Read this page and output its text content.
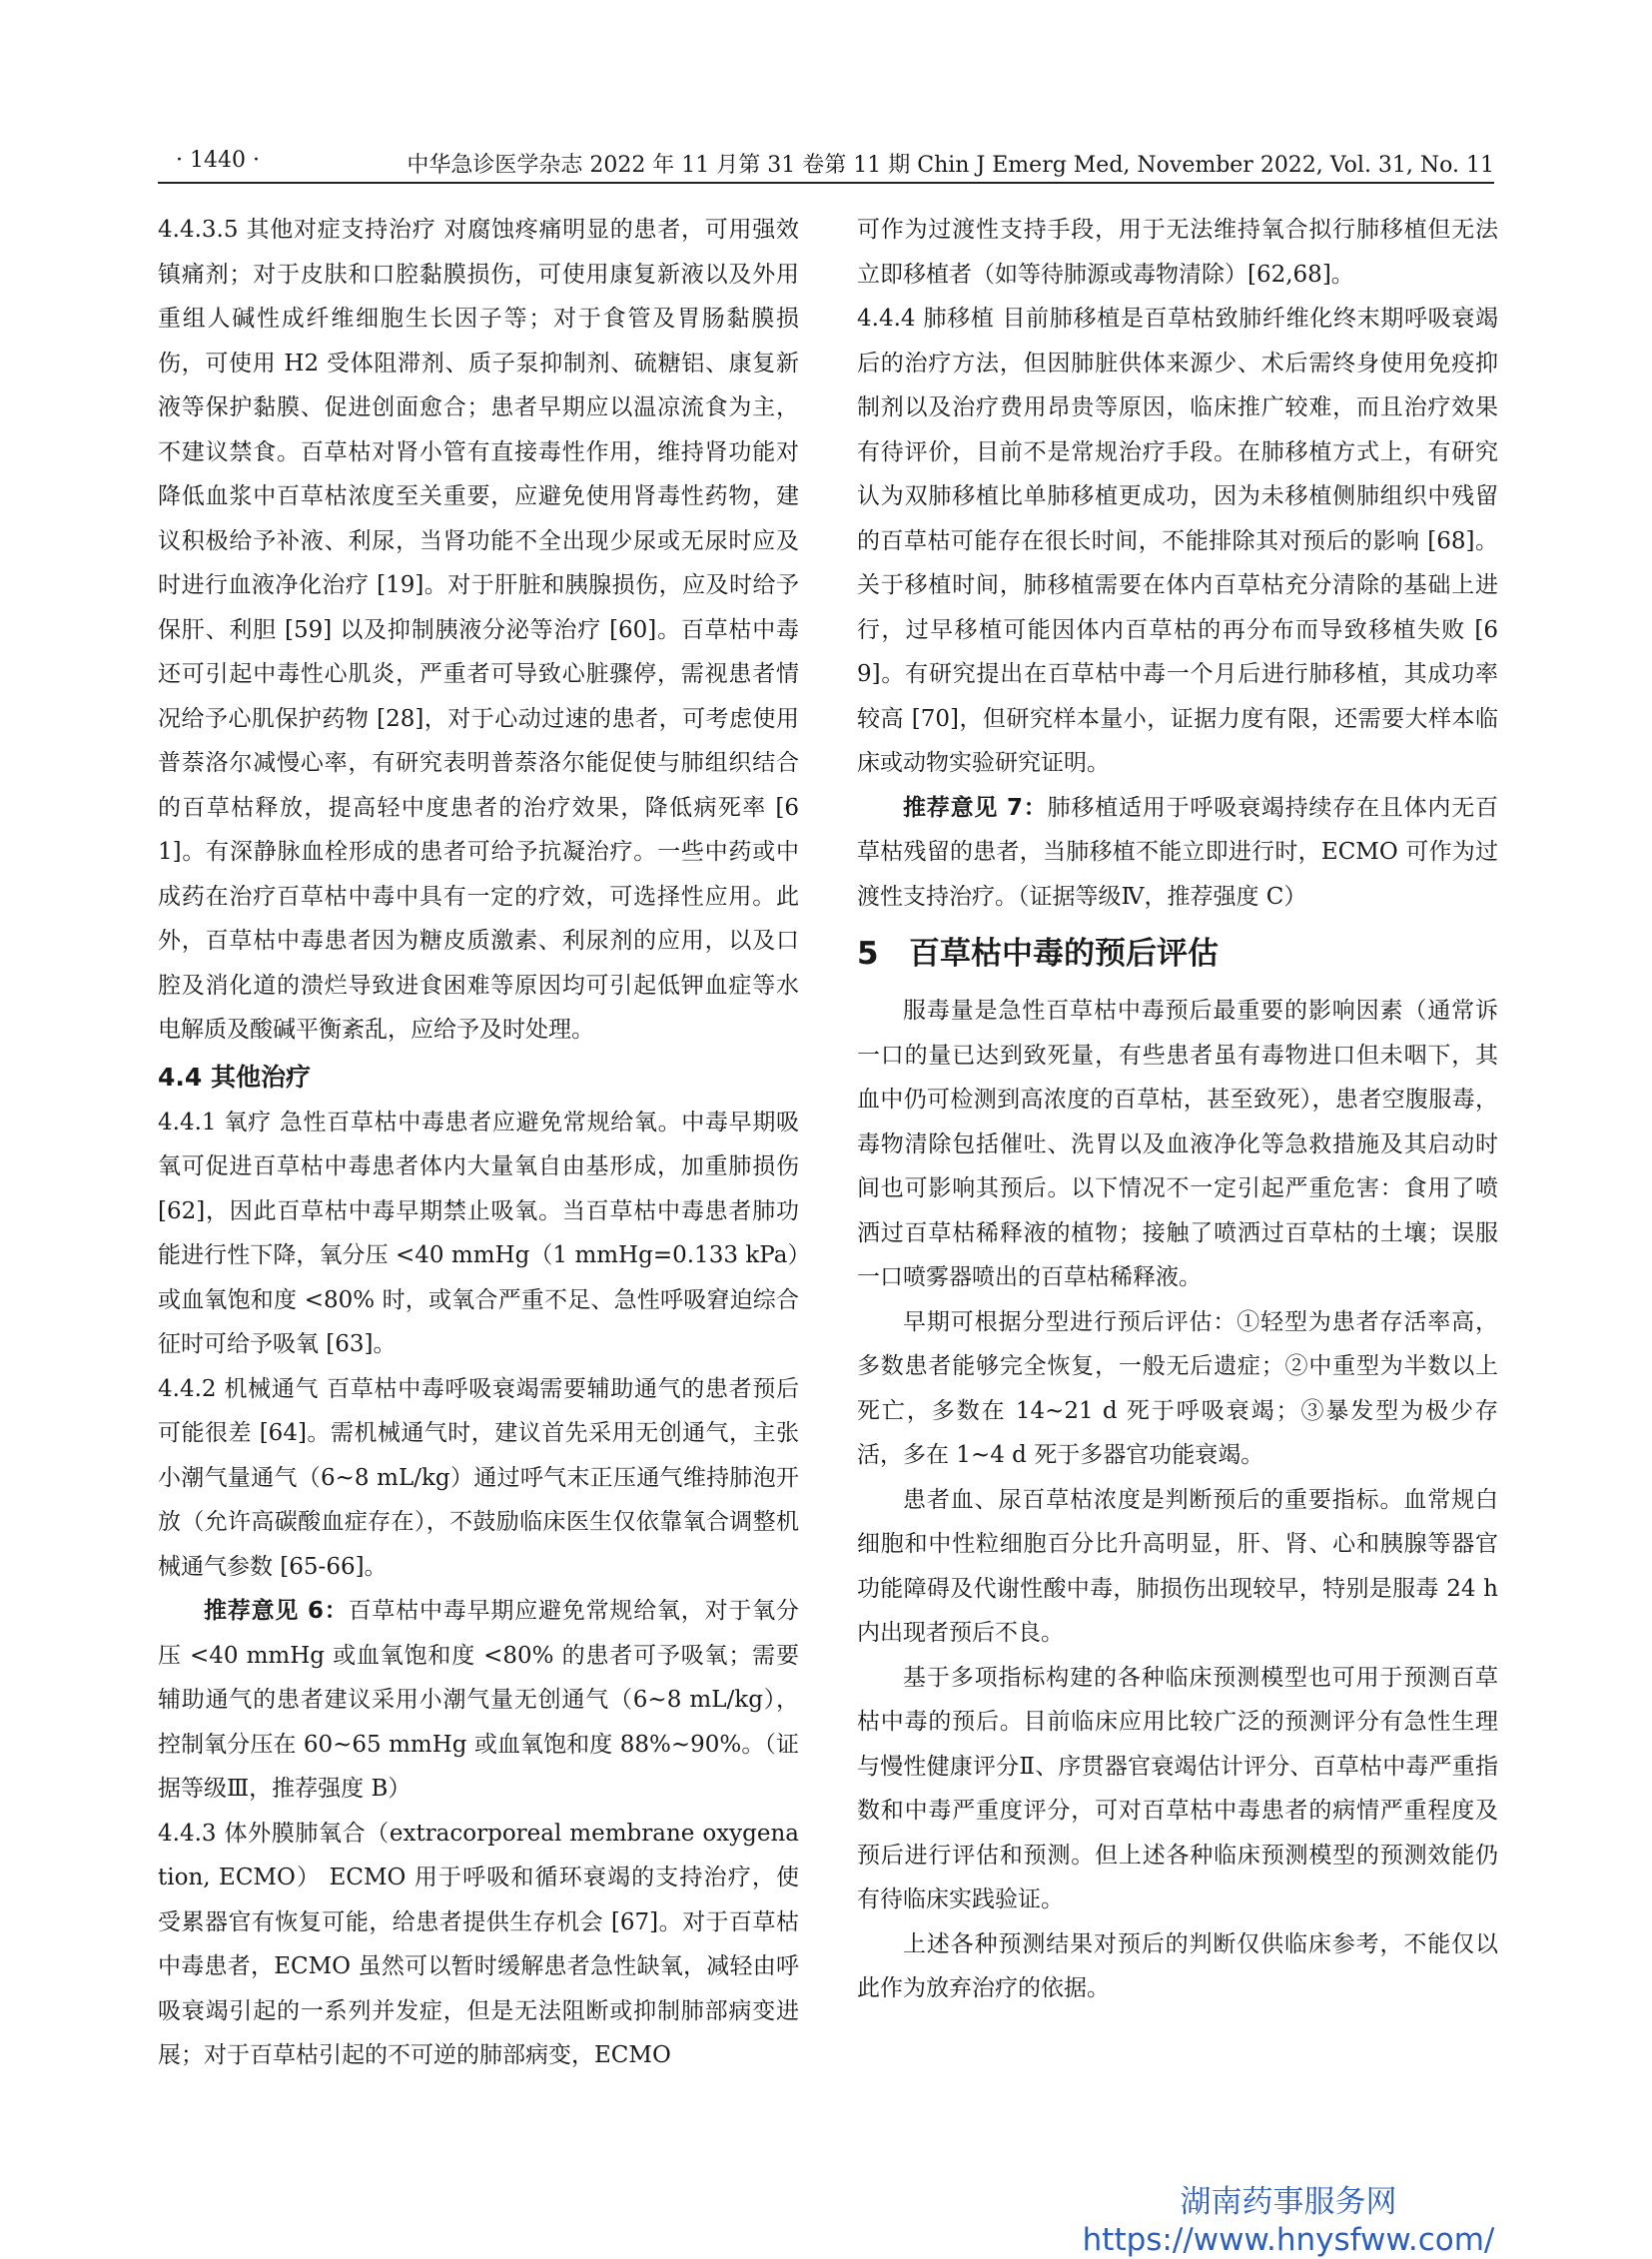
· 1440 ·	中华急诊医学杂志 2022 年 11 月第 31 卷第 11 期 Chin J Emerg Med, November 2022, Vol. 31, No. 11

4.4.3.5 其他对症支持治疗 对腐蚀疼痛明显的患者，可用强效镇痛剂；对于皮肤和口腔黏膜损伤，可使用康复新液以及外用重组人碱性成纤维细胞生长因子等；对于食管及胃肠黏膜损伤，可使用 H2 受体阻滞剂、质子泵抑制剂、硫糖铝、康复新液等保护黏膜、促进创面愈合；患者早期应以温凉流食为主，不建议禁食。百草枯对肾小管有直接毒性作用，维持肾功能对降低血浆中百草枯浓度至关重要，应避免使用肾毒性药物，建议积极给予补液、利尿，当肾功能不全出现少尿或无尿时应及时进行血液净化治疗 [19]。对于肝脏和胰腺损伤，应及时给予保肝、利胆 [59] 以及抑制胰液分泌等治疗 [60]。百草枯中毒还可引起中毒性心肌炎，严重者可导致心脏骤停，需视患者情况给予心肌保护药物 [28]，对于心动过速的患者，可考虑使用普萘洛尔减慢心率，有研究表明普萘洛尔能促使与肺组织结合的百草枯释放，提高轻中度患者的治疗效果，降低病死率 [61]。有深静脉血栓形成的患者可给予抗凝治疗。一些中药或中成药在治疗百草枯中毒中具有一定的疗效，可选择性应用。此外，百草枯中毒患者因为糖皮质激素、利尿剂的应用，以及口腔及消化道的溃烂导致进食困难等原因均可引起低钾血症等水电解质及酸碱平衡紊乱，应给予及时处理。

4.4 其他治疗

4.4.1 氧疗 急性百草枯中毒患者应避免常规给氧。中毒早期吸氧可促进百草枯中毒患者体内大量氧自由基形成，加重肺损伤 [62]，因此百草枯中毒早期禁止吸氧。当百草枯中毒患者肺功能进行性下降，氧分压 <40 mmHg（1 mmHg=0.133 kPa）或血氧饱和度 <80% 时，或氧合严重不足、急性呼吸窘迫综合征时可给予吸氧 [63]。

4.4.2 机械通气 百草枯中毒呼吸衰竭需要辅助通气的患者预后可能很差 [64]。需机械通气时，建议首先采用无创通气，主张小潮气量通气（6~8 mL/kg）通过呼气末正压通气维持肺泡开放（允许高碳酸血症存在），不鼓励临床医生仅依靠氧合调整机械通气参数 [65-66]。

推荐意见 6：百草枯中毒早期应避免常规给氧，对于氧分压 <40 mmHg 或血氧饱和度 <80% 的患者可予吸氧；需要辅助通气的患者建议采用小潮气量无创通气（6~8 mL/kg），控制氧分压在 60~65 mmHg 或血氧饱和度 88%~90%。（证据等级Ⅲ，推荐强度 B）

4.4.3 体外膜肺氧合（extracorporeal membrane oxygenation, ECMO） ECMO 用于呼吸和循环衰竭的支持治疗，使受累器官有恢复可能，给患者提供生存机会 [67]。对于百草枯中毒患者，ECMO 虽然可以暂时缓解患者急性缺氧，减轻由呼吸衰竭引起的一系列并发症，但是无法阻断或抑制肺部病变进展；对于百草枯引起的不可逆的肺部病变，ECMO

可作为过渡性支持手段，用于无法维持氧合拟行肺移植但无法立即移植者（如等待肺源或毒物清除）[62,68]。

4.4.4 肺移植 目前肺移植是百草枯致肺纤维化终末期呼吸衰竭后的治疗方法，但因肺脏供体来源少、术后需终身使用免疫抑制剂以及治疗费用昂贵等原因，临床推广较难，而且治疗效果有待评价，目前不是常规治疗手段。在肺移植方式上，有研究认为双肺移植比单肺移植更成功，因为未移植侧肺组织中残留的百草枯可能存在很长时间，不能排除其对预后的影响 [68]。关于移植时间，肺移植需要在体内百草枯充分清除的基础上进行，过早移植可能因体内百草枯的再分布而导致移植失败 [69]。有研究提出在百草枯中毒一个月后进行肺移植，其成功率较高 [70]，但研究样本量小，证据力度有限，还需要大样本临床或动物实验研究证明。

推荐意见 7：肺移植适用于呼吸衰竭持续存在且体内无百草枯残留的患者，当肺移植不能立即进行时，ECMO 可作为过渡性支持治疗。（证据等级Ⅳ，推荐强度 C）

5 百草枯中毒的预后评估

服毒量是急性百草枯中毒预后最重要的影响因素（通常诉一口的量已达到致死量，有些患者虽有毒物进口但未咽下，其血中仍可检测到高浓度的百草枯，甚至致死），患者空腹服毒，毒物清除包括催吐、洗胃以及血液净化等急救措施及其启动时间也可影响其预后。以下情况不一定引起严重危害：食用了喷洒过百草枯稀释液的植物；接触了喷洒过百草枯的土壤；误服一口喷雾器喷出的百草枯稀释液。

早期可根据分型进行预后评估：①轻型为患者存活率高，多数患者能够完全恢复，一般无后遗症；②中重型为半数以上死亡，多数在 14~21 d 死于呼吸衰竭；③暴发型为极少存活，多在 1~4 d 死于多器官功能衰竭。

患者血、尿百草枯浓度是判断预后的重要指标。血常规白细胞和中性粒细胞百分比升高明显，肝、肾、心和胰腺等器官功能障碍及代谢性酸中毒，肺损伤出现较早，特别是服毒 24 h 内出现者预后不良。

基于多项指标构建的各种临床预测模型也可用于预测百草枯中毒的预后。目前临床应用比较广泛的预测评分有急性生理与慢性健康评分Ⅱ、序贯器官衰竭估计评分、百草枯中毒严重指数和中毒严重度评分，可对百草枯中毒患者的病情严重程度及预后进行评估和预测。但上述各种临床预测模型的预测效能仍有待临床实践验证。

上述各种预测结果对预后的判断仅供临床参考，不能仅以此作为放弃治疗的依据。

湖南药事服务网
https://www.hnysfww.com/
